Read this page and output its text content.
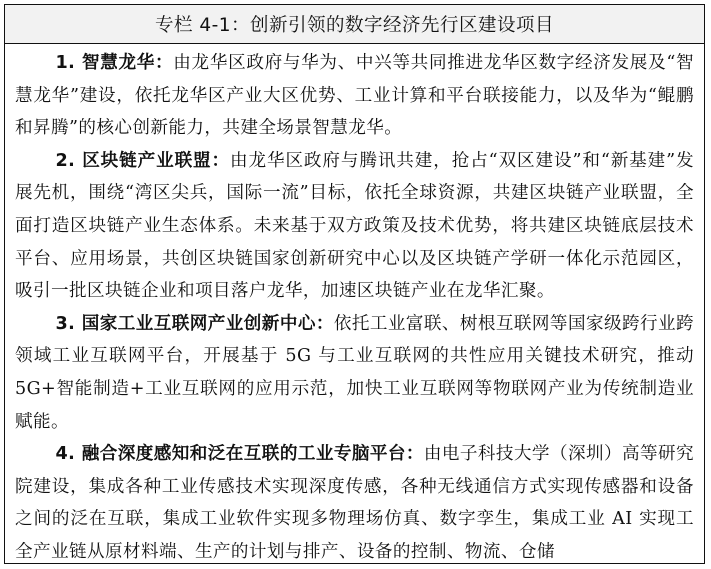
专栏 4-1：创新引领的数字经济先行区建设项目

1. 智慧龙华：由龙华区政府与华为、中兴等共同推进龙华区数字经济发展及“智慧龙华”建设，依托龙华区产业大区优势、工业计算和平台联接能力，以及华为“鲲鹏和昇腾”的核心创新能力，共建全场景智慧龙华。

2. 区块链产业联盟：由龙华区政府与腾讯共建，抢占“双区建设”和“新基建”发展先机，围绕“湾区尖兵，国际一流”目标，依托全球资源，共建区块链产业联盟，全面打造区块链产业生态体系。未来基于双方政策及技术优势，将共建区块链底层技术平台、应用场景，共创区块链国家创新研究中心以及区块链产学研一体化示范园区，吸引一批区块链企业和项目落户龙华，加速区块链产业在龙华汇聚。

3. 国家工业互联网产业创新中心：依托工业富联、树根互联网等国家级跨行业跨领域工业互联网平台，开展基于 5G 与工业互联网的共性应用关键技术研究，推动 5G+智能制造+工业互联网的应用示范，加快工业互联网等物联网产业为传统制造业赋能。

4. 融合深度感知和泛在互联的工业专脑平台：由电子科技大学（深圳）高等研究院建设，集成各种工业传感技术实现深度传感，各种无线通信方式实现传感器和设备之间的泛在互联，集成工业软件实现多物理场仿真、数字孪生，集成工业 AI 实现工全产业链从原材料端、生产的计划与排产、设备的控制、物流、仓储
